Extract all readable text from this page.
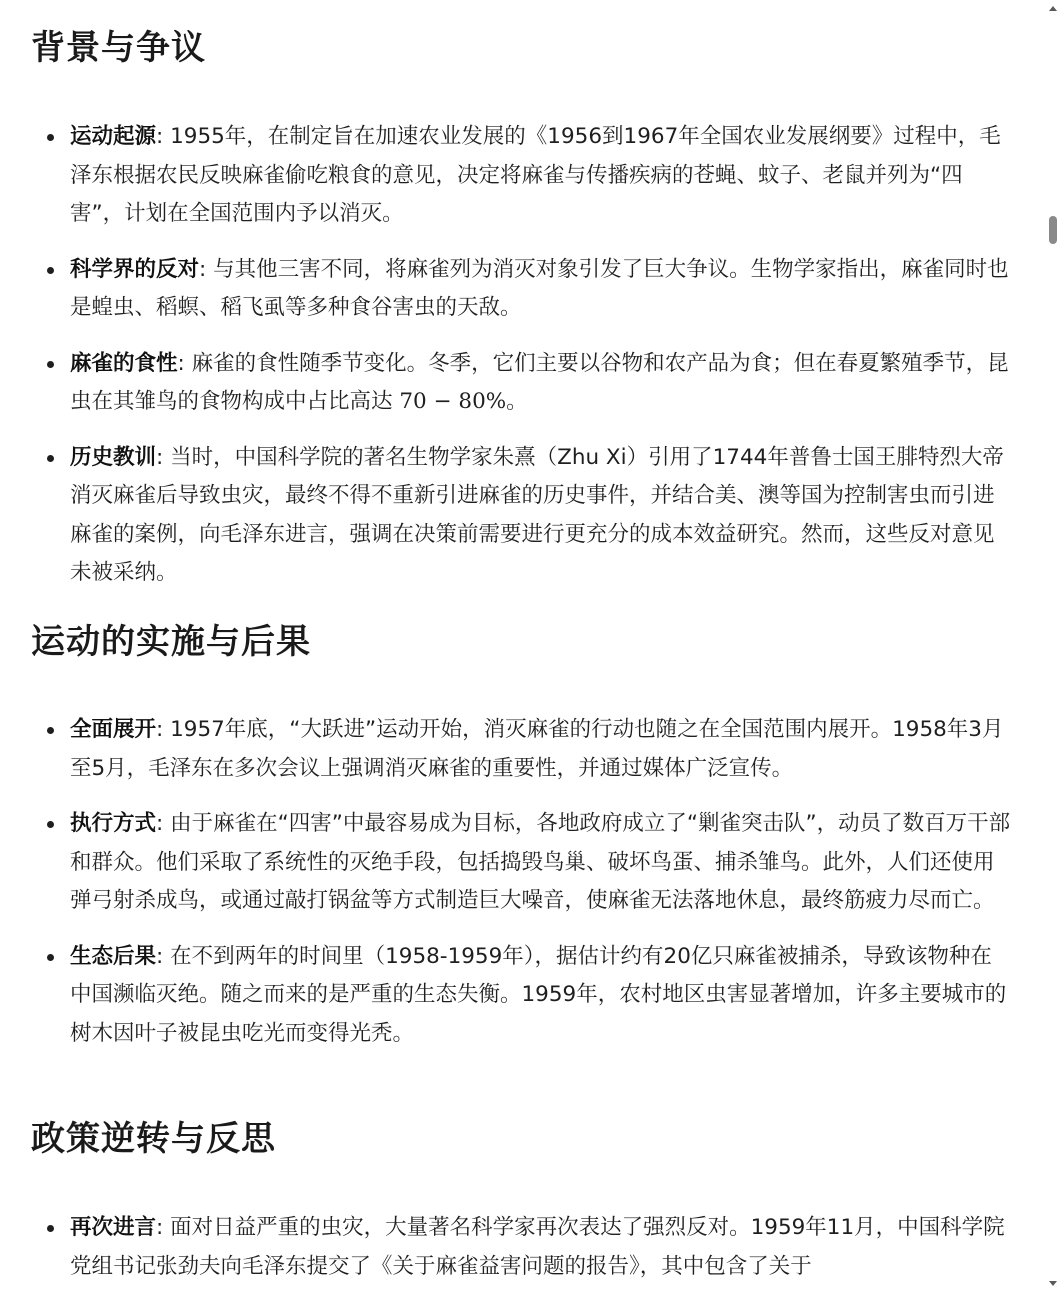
背景与争议
运动起源: 1955年，在制定旨在加速农业发展的《1956到1967年全国农业发展纲要》过程中，毛泽东根据农民反映麻雀偷吃粮食的意见，决定将麻雀与传播疾病的苍蝇、蚊子、老鼠并列为“四害”，计划在全国范围内予以消灭。
科学界的反对: 与其他三害不同，将麻雀列为消灭对象引发了巨大争议。生物学家指出，麻雀同时也是蝗虫、稻螟、稻飞虱等多种食谷害虫的天敌。
麻雀的食性: 麻雀的食性随季节变化。冬季，它们主要以谷物和农产品为食；但在春夏繁殖季节，昆虫在其雏鸟的食物构成中占比高达 70 − 80%。
历史教训: 当时，中国科学院的著名生物学家朱熹（Zhu Xi）引用了1744年普鲁士国王腓特烈大帝消灭麻雀后导致虫灾，最终不得不重新引进麻雀的历史事件，并结合美、澳等国为控制害虫而引进麻雀的案例，向毛泽东进言，强调在决策前需要进行更充分的成本效益研究。然而，这些反对意见未被采纳。
运动的实施与后果
全面展开: 1957年底，“大跃进”运动开始，消灭麻雀的行动也随之在全国范围内展开。1958年3月至5月，毛泽东在多次会议上强调消灭麻雀的重要性，并通过媒体广泛宣传。
执行方式: 由于麻雀在“四害”中最容易成为目标，各地政府成立了“剿雀突击队”，动员了数百万干部和群众。他们采取了系统性的灭绝手段，包括捣毁鸟巢、破坏鸟蛋、捕杀雏鸟。此外，人们还使用弹弓射杀成鸟，或通过敲打锅盆等方式制造巨大噪音，使麻雀无法落地休息，最终筋疲力尽而亡。
生态后果: 在不到两年的时间里（1958-1959年），据估计约有20亿只麻雀被捕杀，导致该物种在中国濒临灭绝。随之而来的是严重的生态失衡。1959年，农村地区虫害显著增加，许多主要城市的树木因叶子被昆虫吃光而变得光秃。
政策逆转与反思
再次进言: 面对日益严重的虫灾，大量著名科学家再次表达了强烈反对。1959年11月，中国科学院党组书记张劲夫向毛泽东提交了《关于麻雀益害问题的报告》，其中包含了关于
